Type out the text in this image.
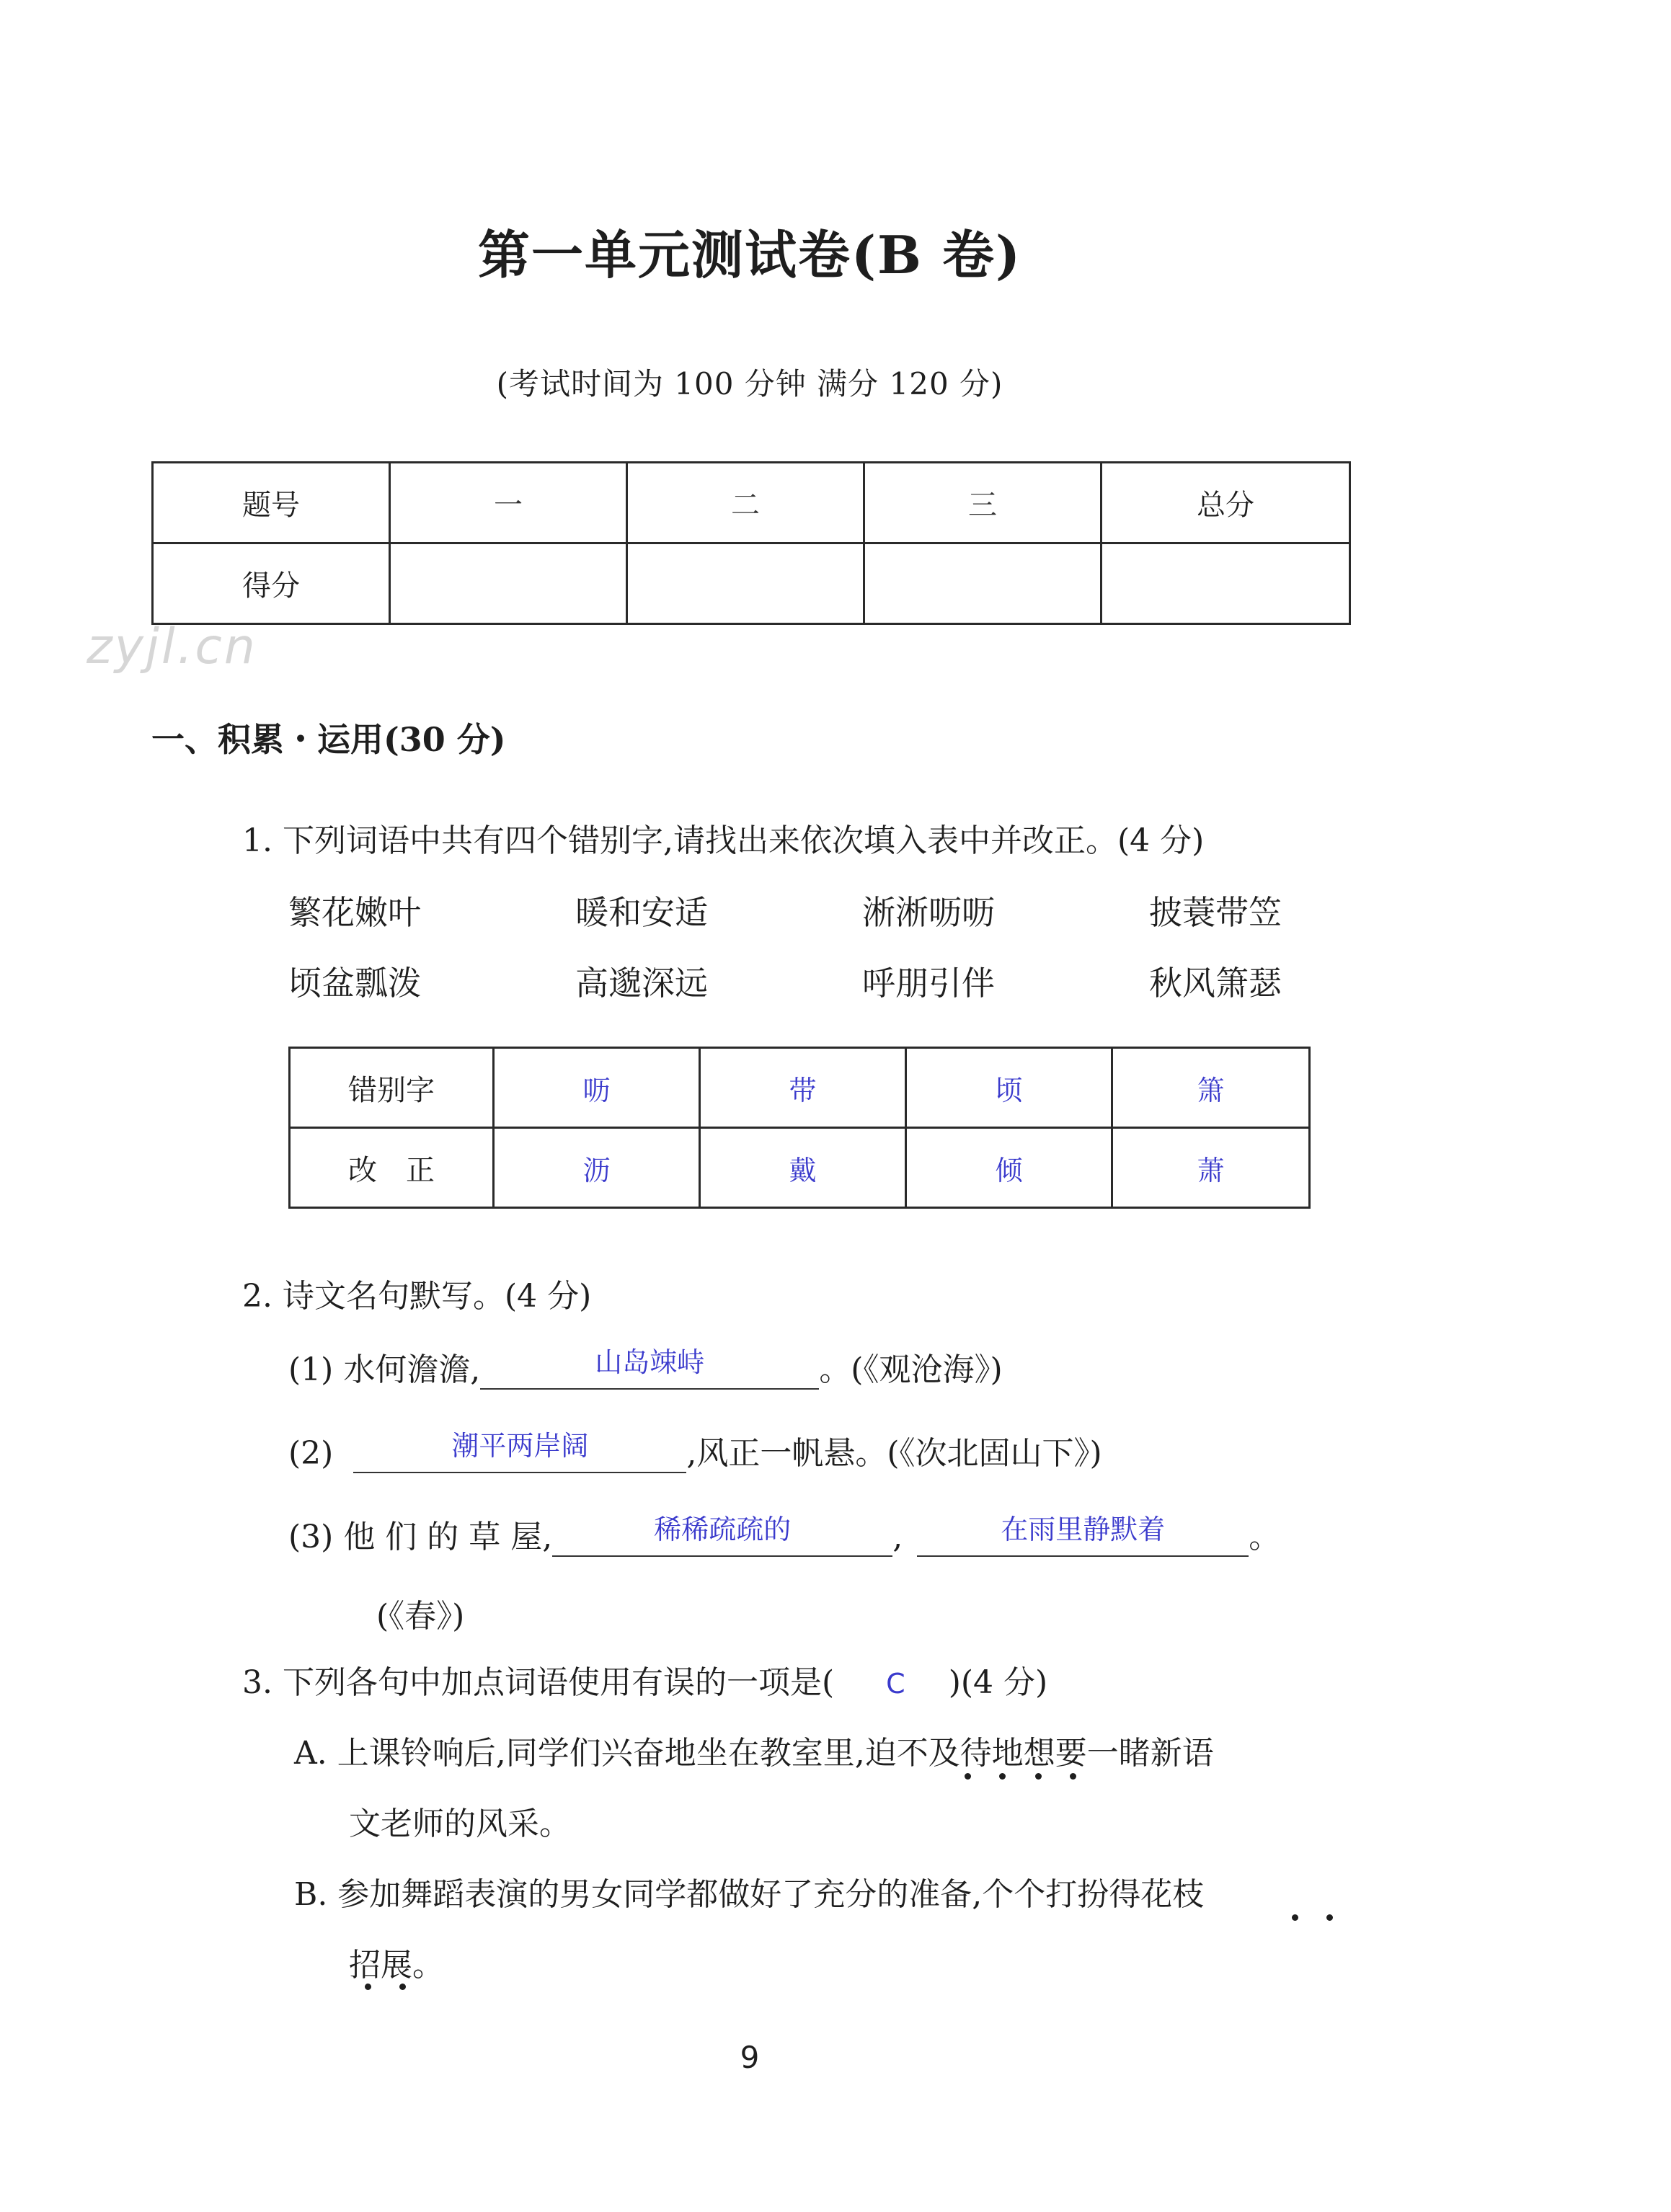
第一单元测试卷(B 卷)
(考试时间为 100 分钟 满分 120 分)
题号	一	二	三	总分
得分				
zyjl.cn
一、积累・运用(30 分)
1. 下列词语中共有四个错别字,请找出来依次填入表中并改正。(4 分)
繁花嫩叶	暖和安适	淅淅呖呖	披蓑带笠
顷盆瓢泼	高邈深远	呼朋引伴	秋风箫瑟
错别字	呖	带	顷	箫
改　正	沥	戴	倾	萧
2. 诗文名句默写。(4 分)
(1) 水何澹澹,	山岛竦峙	。(《观沧海》)
(2)	潮平两岸阔	,风正一帆悬。(《次北固山下》)
(3) 他 们 的 草 屋,	稀稀疏疏的	,	在雨里静默着	。
(《春》)
3. 下列各句中加点词语使用有误的一项是( C )(4 分)
A. 上课铃响后,同学们兴奋地坐在教室里,迫不及待地想要一睹新语
文老师的风采。
B. 参加舞蹈表演的男女同学都做好了充分的准备,个个打扮得花枝
招展。
9
